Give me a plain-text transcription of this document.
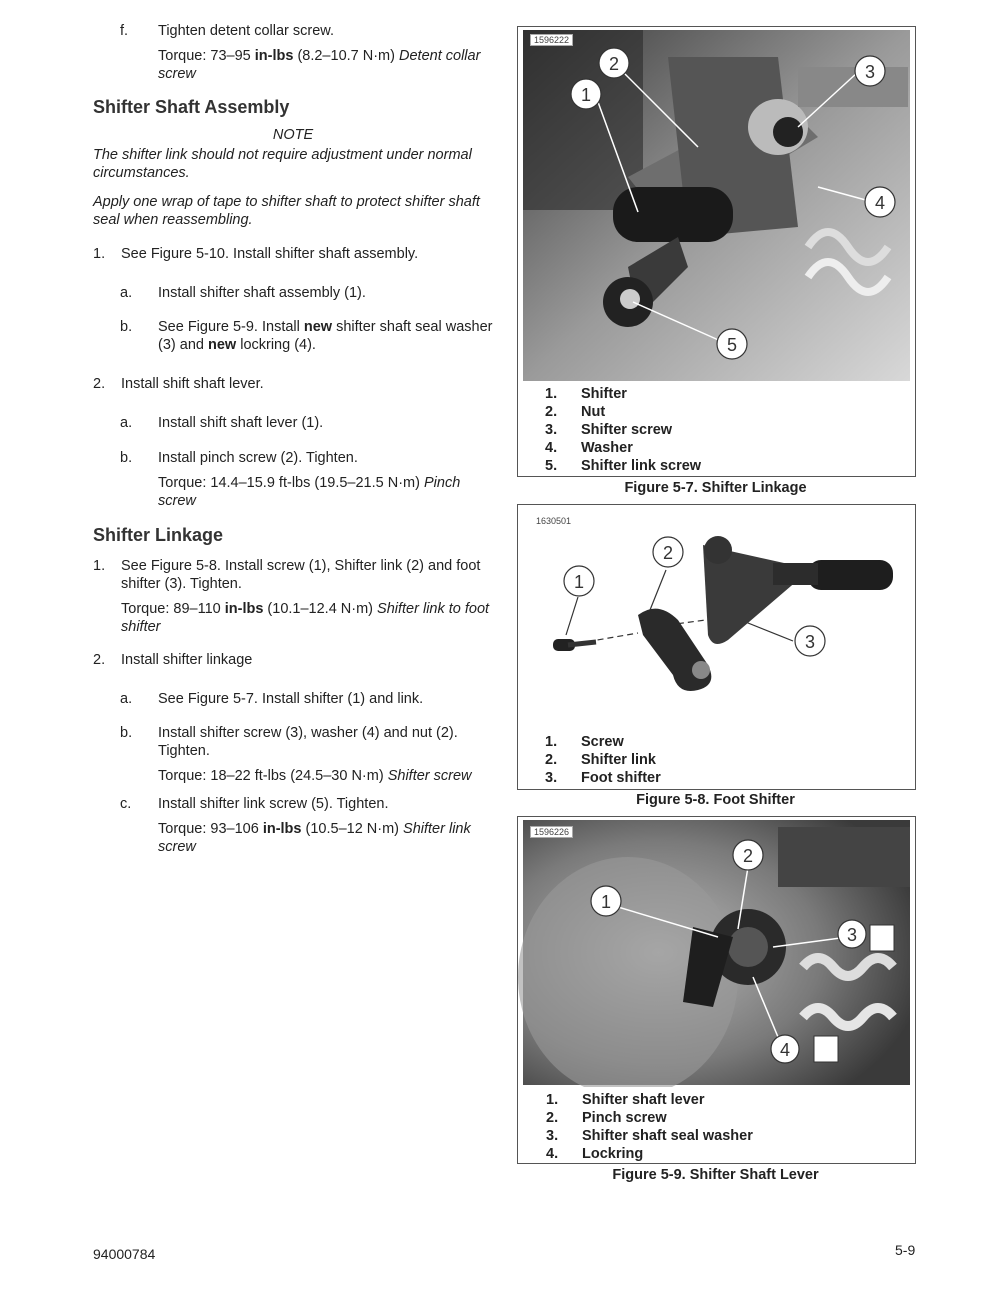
f. Tighten detent collar screw.
Torque: 73–95 in-lbs (8.2–10.7 N·m) Detent collar screw
Shifter Shaft Assembly
NOTE
The shifter link should not require adjustment under normal circumstances.
Apply one wrap of tape to shifter shaft to protect shifter shaft seal when reassembling.
1. See Figure 5-10. Install shifter shaft assembly.
a. Install shifter shaft assembly (1).
b. See Figure 5-9. Install new shifter shaft seal washer (3) and new lockring (4).
2. Install shift shaft lever.
a. Install shift shaft lever (1).
b. Install pinch screw (2). Tighten.
Torque: 14.4–15.9 ft-lbs (19.5–21.5 N·m) Pinch screw
Shifter Linkage
1. See Figure 5-8. Install screw (1), Shifter link (2) and foot shifter (3). Tighten.
Torque: 89–110 in-lbs (10.1–12.4 N·m) Shifter link to foot shifter
2. Install shifter linkage
a. See Figure 5-7. Install shifter (1) and link.
b. Install shifter screw (3), washer (4) and nut (2). Tighten.
Torque: 18–22 ft-lbs (24.5–30 N·m) Shifter screw
c. Install shifter link screw (5). Tighten.
Torque: 93–106 in-lbs (10.5–12 N·m) Shifter link screw
1
2	3
4
5
1596222
1.	Shifter
2.	Nut
3.	Shifter screw
4.	Washer
5.	Shifter link screw
Figure 5-7. Shifter Linkage
1
2
3
1630501
1.	Screw
2.	Shifter link
3.	Foot shifter
Figure 5-8. Foot Shifter
1
2
3
4
1596226
1.	Shifter shaft lever
2.	Pinch screw
3.	Shifter shaft seal washer
4.	Lockring
Figure 5-9. Shifter Shaft Lever
94000784	5-9
